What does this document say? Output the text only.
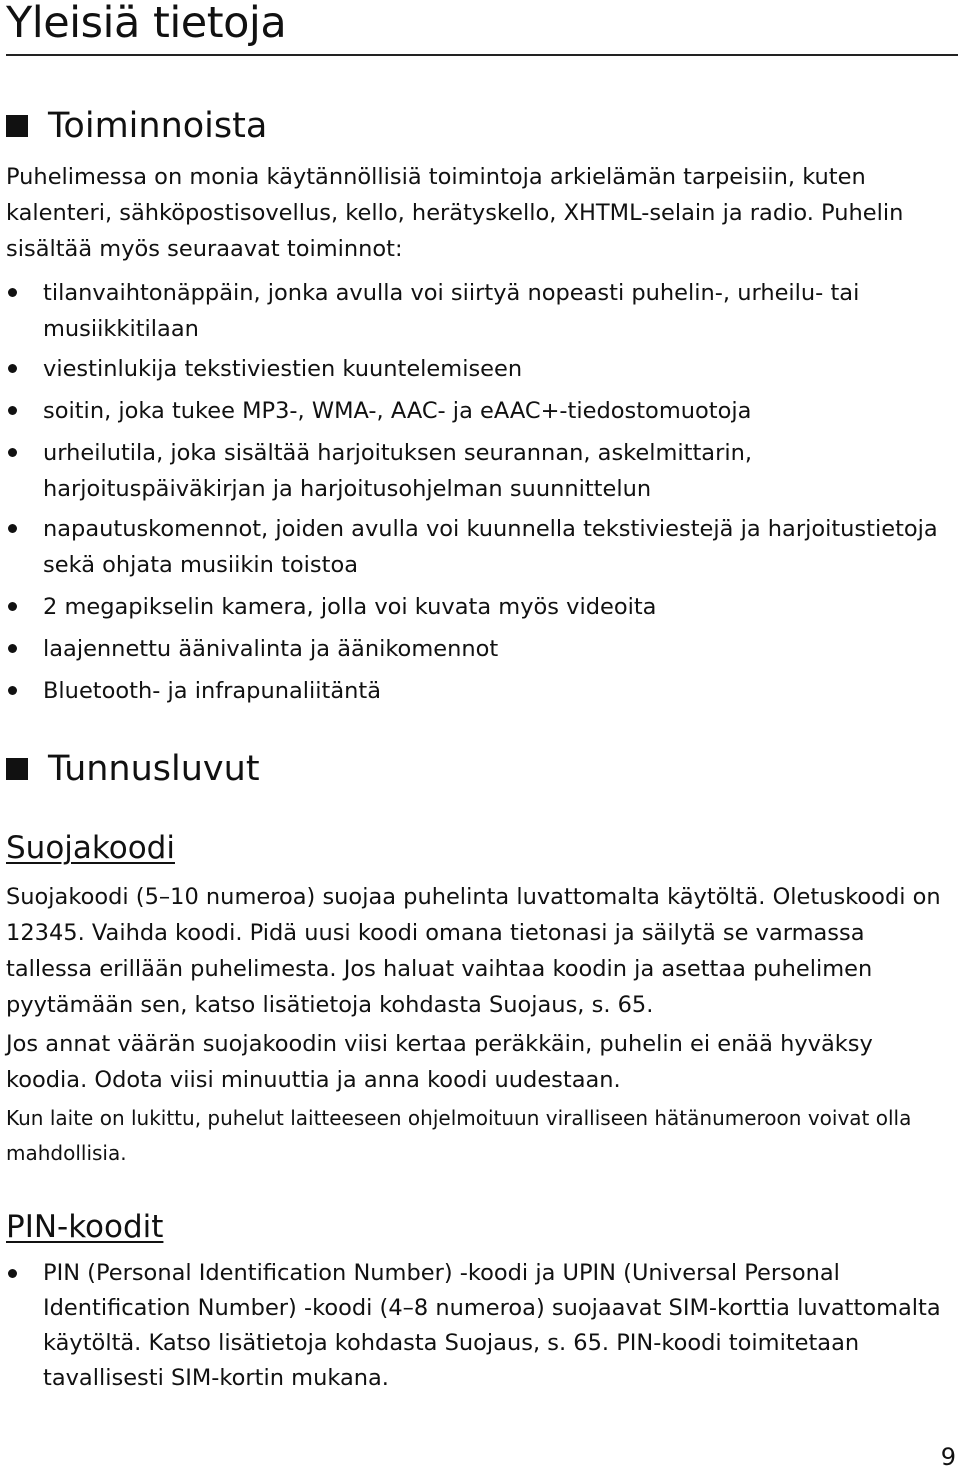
Yleisiä tietoja
Toiminnoista

Puhelimessa on monia käytännöllisiä toimintoja arkielämän tarpeisiin, kuten kalenteri, sähköpostisovellus, kello, herätyskello, XHTML-selain ja radio. Puhelin sisältää myös seuraavat toiminnot:

tilanvaihtonäppäin, jonka avulla voi siirtyä nopeasti puhelin-, urheilu- tai musiikkitilaan
viestinlukija tekstiviestien kuuntelemiseen
soitin, joka tukee MP3-, WMA-, AAC- ja eAAC+-tiedostomuotoja
urheilutila, joka sisältää harjoituksen seurannan, askelmittarin, harjoituspäiväkirjan ja harjoitusohjelman suunnittelun
napautuskomennot, joiden avulla voi kuunnella tekstiviestejä ja harjoitustietoja sekä ohjata musiikin toistoa
2 megapikselin kamera, jolla voi kuvata myös videoita
laajennettu äänivalinta ja äänikomennot
Bluetooth- ja infrapunaliitäntä
Tunnusluvut
Suojakoodi

Suojakoodi (5–10 numeroa) suojaa puhelinta luvattomalta käytöltä. Oletuskoodi on 12345. Vaihda koodi. Pidä uusi koodi omana tietonasi ja säilytä se varmassa tallessa erillään puhelimesta. Jos haluat vaihtaa koodin ja asettaa puhelimen pyytämään sen, katso lisätietoja kohdasta Suojaus, s. 65.

Jos annat väärän suojakoodin viisi kertaa peräkkäin, puhelin ei enää hyväksy koodia. Odota viisi minuuttia ja anna koodi uudestaan.

Kun laite on lukittu, puhelut laitteeseen ohjelmoituun viralliseen hätänumeroon voivat olla mahdollisia.

PIN-koodit
PIN (Personal Identification Number) -koodi ja UPIN (Universal Personal Identification Number) -koodi (4–8 numeroa) suojaavat SIM-korttia luvattomalta käytöltä. Katso lisätietoja kohdasta Suojaus, s. 65. PIN-koodi toimitetaan tavallisesti SIM-kortin mukana.
9
